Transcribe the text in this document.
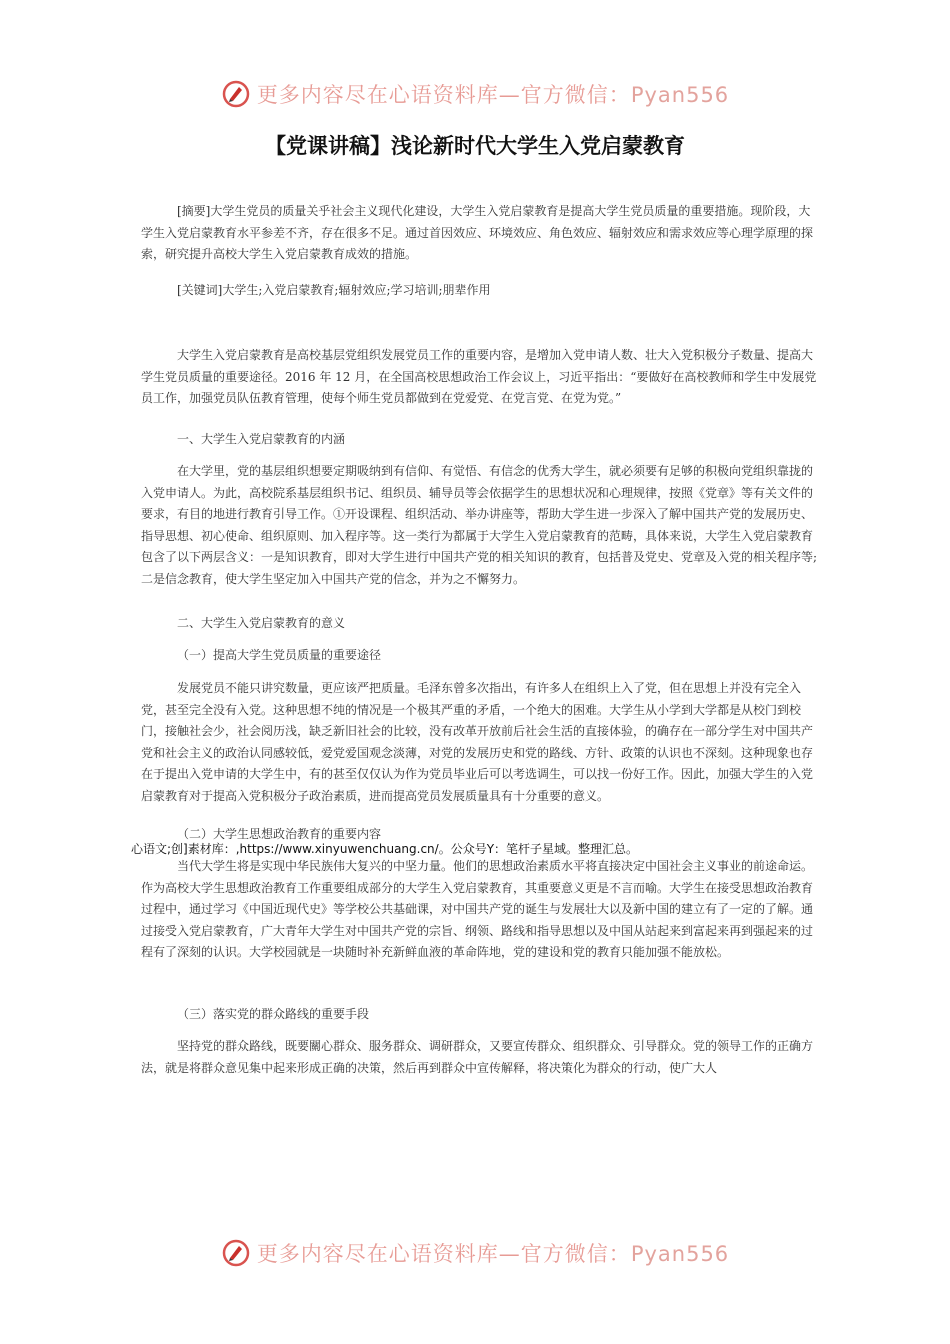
更多内容尽在心语资料库—官方微信：Pyan556
【党课讲稿】浅论新时代大学生入党启蒙教育

[摘要]大学生党员的质量关乎社会主义现代化建设，大学生入党启蒙教育是提高大学生党员质量的重要措施。现阶段，大学生入党启蒙教育水平参差不齐，存在很多不足。通过首因效应、环境效应、角色效应、辐射效应和需求效应等心理学原理的探索，研究提升高校大学生入党启蒙教育成效的措施。

[关键词]大学生;入党启蒙教育;辐射效应;学习培训;朋辈作用

大学生入党启蒙教育是高校基层党组织发展党员工作的重要内容，是增加入党申请人数、壮大入党积极分子数量、提高大学生党员质量的重要途径。2016 年 12 月，在全国高校思想政治工作会议上，习近平指出：“要做好在高校教师和学生中发展党员工作，加强党员队伍教育管理，使每个师生党员都做到在党爱党、在党言党、在党为党。”

一、大学生入党启蒙教育的内涵

在大学里，党的基层组织想要定期吸纳到有信仰、有觉悟、有信念的优秀大学生，就必须要有足够的积极向党组织靠拢的入党申请人。为此，高校院系基层组织书记、组织员、辅导员等会依据学生的思想状况和心理规律，按照《党章》等有关文件的要求，有目的地进行教育引导工作。①开设课程、组织活动、举办讲座等，帮助大学生进一步深入了解中国共产党的发展历史、指导思想、初心使命、组织原则、加入程序等。这一类行为都属于大学生入党启蒙教育的范畴，具体来说，大学生入党启蒙教育包含了以下两层含义：一是知识教育，即对大学生进行中国共产党的相关知识的教育，包括普及党史、党章及入党的相关程序等;二是信念教育，使大学生坚定加入中国共产党的信念，并为之不懈努力。

二、大学生入党启蒙教育的意义

（一）提高大学生党员质量的重要途径

发展党员不能只讲究数量，更应该严把质量。毛泽东曾多次指出，有许多人在组织上入了党，但在思想上并没有完全入党，甚至完全没有入党。这种思想不纯的情况是一个极其严重的矛盾，一个绝大的困难。大学生从小学到大学都是从校门到校门，接触社会少，社会阅历浅，缺乏新旧社会的比较，没有改革开放前后社会生活的直接体验，的确存在一部分学生对中国共产党和社会主义的政治认同感较低，爱党爱国观念淡薄，对党的发展历史和党的路线、方针、政策的认识也不深刻。这种现象也存在于提出入党申请的大学生中，有的甚至仅仅认为作为党员毕业后可以考选调生，可以找一份好工作。因此，加强大学生的入党启蒙教育对于提高入党积极分子政治素质，进而提高党员发展质量具有十分重要的意义。

（二）大学生思想政治教育的重要内容

心语文;创]素材库：,https://www.xinyuwenchuang.cn/。公众号Y：笔杆子星域。整理汇总。

当代大学生将是实现中华民族伟大复兴的中坚力量。他们的思想政治素质水平将直接决定中国社会主义事业的前途命运。作为高校大学生思想政治教育工作重要组成部分的大学生入党启蒙教育，其重要意义更是不言而喻。大学生在接受思想政治教育过程中，通过学习《中国近现代史》等学校公共基础课，对中国共产党的诞生与发展壮大以及新中国的建立有了一定的了解。通过接受入党启蒙教育，广大青年大学生对中国共产党的宗旨、纲领、路线和指导思想以及中国从站起来到富起来再到强起来的过程有了深刻的认识。大学校园就是一块随时补充新鲜血液的革命阵地，党的建设和党的教育只能加强不能放松。

（三）落实党的群众路线的重要手段

坚持党的群众路线，既要關心群众、服务群众、调研群众，又要宣传群众、组织群众、引导群众。党的领导工作的正确方法，就是将群众意见集中起来形成正确的决策，然后再到群众中宣传解释，将决策化为群众的行动，使广大人

更多内容尽在心语资料库—官方微信：Pyan556
